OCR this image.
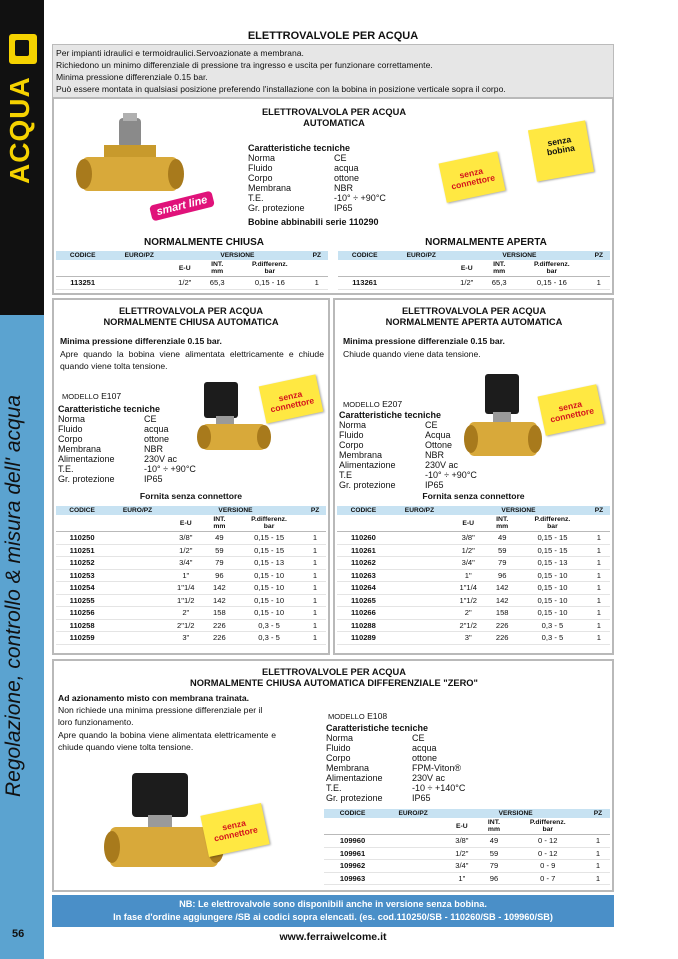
ACQUA
Regolazione, controllo & misura dell' acqua
56
ELETTROVALVOLE PER ACQUA
Per impianti idraulici e termoidraulici.Servoazionate a membrana.
Richiedono un minimo differenziale di pressione tra ingresso e uscita per funzionare correttamente.
Minima pressione differenziale 0.15 bar.
Può essere montata in qualsiasi posizione preferendo l'installazione con la bobina in posizione verticale sopra il corpo.
ELETTROVALVOLA PER ACQUA
AUTOMATICA
Caratteristiche tecniche
Norma	CE
Fluido	acqua
Corpo	ottone
Membrana	NBR
T.E.	-10° ÷ +90°C
Gr. protezione	IP65
Bobine abbinabili serie 110290
senza
connettore
senza
bobina
NORMALMENTE CHIUSA	NORMALMENTE APERTA
CODICE	EURO/PZ	VERSIONE			PZ
		E-U	INT.
mm	P.differenz.
bar	
113251		1/2"	65,3	0,15 - 16	1
CODICE	EURO/PZ	VERSIONE			PZ
		E-U	INT.
mm	P.differenz.
bar	
113261		1/2"	65,3	0,15 - 16	1
smart line
ELETTROVALVOLA PER ACQUA
NORMALMENTE CHIUSA AUTOMATICA
Minima pressione differenziale 0.15 bar.
Apre quando la bobina viene alimentata elettricamente e chiude quando viene tolta tensione.
MODELLO E107
Caratteristiche tecniche
Norma	CE
Fluido	acqua
Corpo	ottone
Membrana	NBR
Alimentazione	230V ac
T.E.	-10° ÷ +90°C
Gr. protezione	IP65
senza
connettore
Fornita senza connettore
CODICE	EURO/PZ	VERSIONE			PZ
		E-U	INT.
mm	P.differenz.
bar	
110250		3/8"	49	0,15 - 15	1
110251		1/2"	59	0,15 - 15	1
110252		3/4"	79	0,15 - 13	1
110253		1"	96	0,15 - 10	1
110254		1"1/4	142	0,15 - 10	1
110255		1"1/2	142	0,15 - 10	1
110256		2"	158	0,15 - 10	1
110258		2"1/2	226	0,3 - 5	1
110259		3"	226	0,3 - 5	1
ELETTROVALVOLA PER ACQUA
NORMALMENTE APERTA AUTOMATICA
Minima pressione differenziale 0.15 bar.
Chiude quando viene data tensione.
MODELLO E207
Caratteristiche tecniche
Norma	CE
Fluido	Acqua
Corpo	Ottone
Membrana	NBR
Alimentazione	230V ac
T.E	-10° ÷ +90°C
Gr. protezione	IP65
senza
connettore
Fornita senza connettore
CODICE	EURO/PZ	VERSIONE			PZ
		E-U	INT.
mm	P.differenz.
bar	
110260		3/8"	49	0,15 - 15	1
110261		1/2"	59	0,15 - 15	1
110262		3/4"	79	0,15 - 13	1
110263		1"	96	0,15 - 10	1
110264		1"1/4	142	0,15 - 10	1
110265		1"1/2	142	0,15 - 10	1
110266		2"	158	0,15 - 10	1
110288		2"1/2	226	0,3 - 5	1
110289		3"	226	0,3 - 5	1
ELETTROVALVOLE PER ACQUA
NORMALMENTE CHIUSA AUTOMATICA DIFFERENZIALE "ZERO"
Ad azionamento misto con membrana trainata.
Non richiede una minima pressione differenziale per il loro funzionamento.
Apre quando la bobina viene alimentata elettricamente e chiude quando viene tolta tensione.
senza
connettore
MODELLO E108
Caratteristiche tecniche
Norma	CE
Fluido	acqua
Corpo	ottone
Membrana	FPM-Viton®
Alimentazione	230V ac
T.E.	-10 ÷ +140°C
Gr. protezione	IP65
CODICE	EURO/PZ	VERSIONE			PZ
		E-U	INT.
mm	P.differenz.
bar	
109960		3/8"	49	0 - 12	1
109961		1/2"	59	0 - 12	1
109962		3/4"	79	0 - 9	1
109963		1"	96	0 - 7	1
NB: Le elettrovalvole sono disponibili anche in versione senza bobina.
In fase d'ordine aggiungere /SB ai codici sopra elencati. (es. cod.110250/SB - 110260/SB - 109960/SB)
www.ferraiwelcome.it
